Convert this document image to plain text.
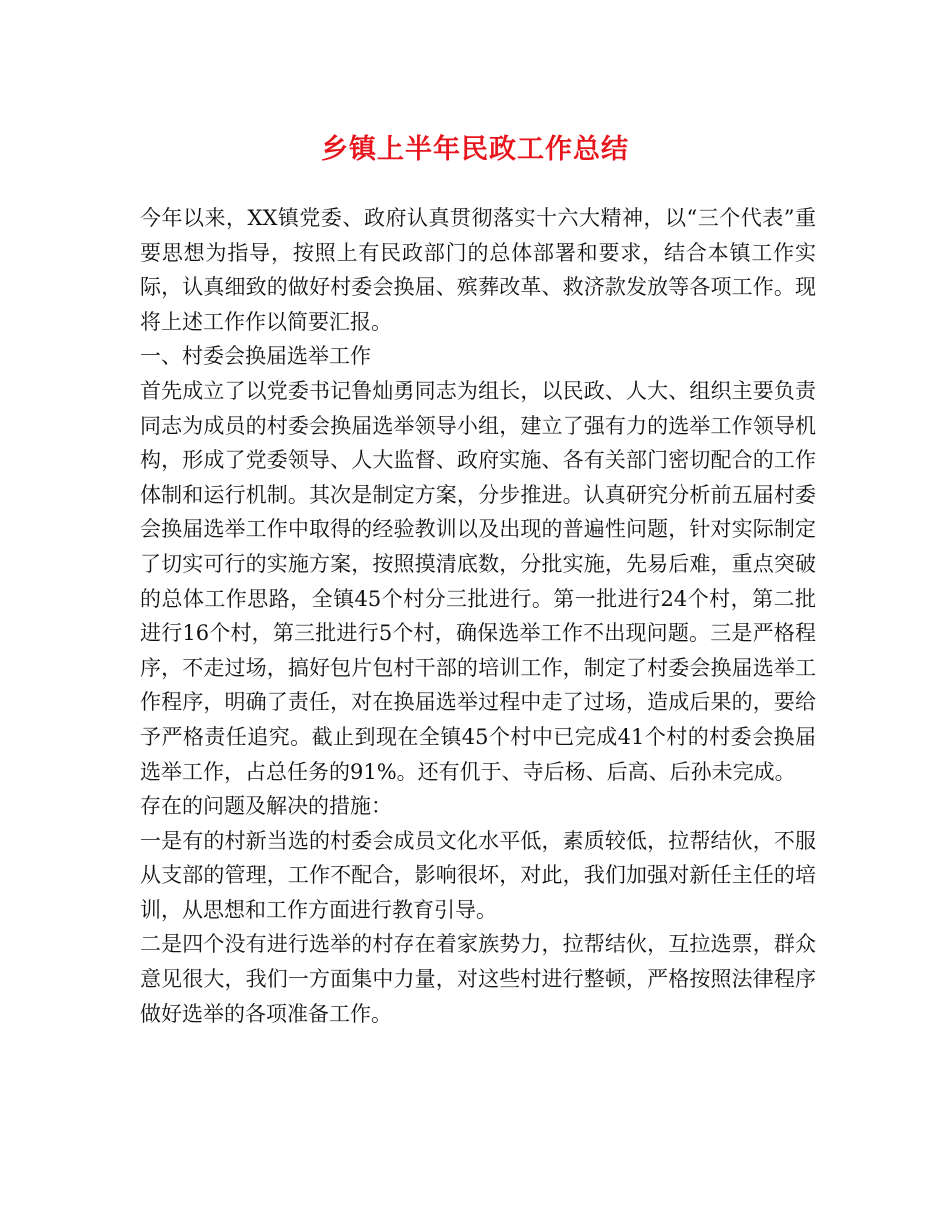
乡镇上半年民政工作总结

今年以来，XX镇党委、政府认真贯彻落实十六大精神，以“三个代表”重要思想为指导，按照上有民政部门的总体部署和要求，结合本镇工作实际，认真细致的做好村委会换届、殡葬改革、救济款发放等各项工作。现将上述工作作以简要汇报。

一、村委会换届选举工作

首先成立了以党委书记鲁灿勇同志为组长，以民政、人大、组织主要负责同志为成员的村委会换届选举领导小组，建立了强有力的选举工作领导机构，形成了党委领导、人大监督、政府实施、各有关部门密切配合的工作体制和运行机制。其次是制定方案，分步推进。认真研究分析前五届村委会换届选举工作中取得的经验教训以及出现的普遍性问题，针对实际制定了切实可行的实施方案，按照摸清底数，分批实施，先易后难，重点突破的总体工作思路，全镇45个村分三批进行。第一批进行24个村，第二批进行16个村，第三批进行5个村，确保选举工作不出现问题。三是严格程序，不走过场，搞好包片包村干部的培训工作，制定了村委会换届选举工作程序，明确了责任，对在换届选举过程中走了过场，造成后果的，要给予严格责任追究。截止到现在全镇45个村中已完成41个村的村委会换届选举工作，占总任务的91%。还有仉于、寺后杨、后高、后孙未完成。

存在的问题及解决的措施：

一是有的村新当选的村委会成员文化水平低，素质较低，拉帮结伙，不服从支部的管理，工作不配合，影响很坏，对此，我们加强对新任主任的培训，从思想和工作方面进行教育引导。

二是四个没有进行选举的村存在着家族势力，拉帮结伙，互拉选票，群众意见很大，我们一方面集中力量，对这些村进行整顿，严格按照法律程序做好选举的各项准备工作。
